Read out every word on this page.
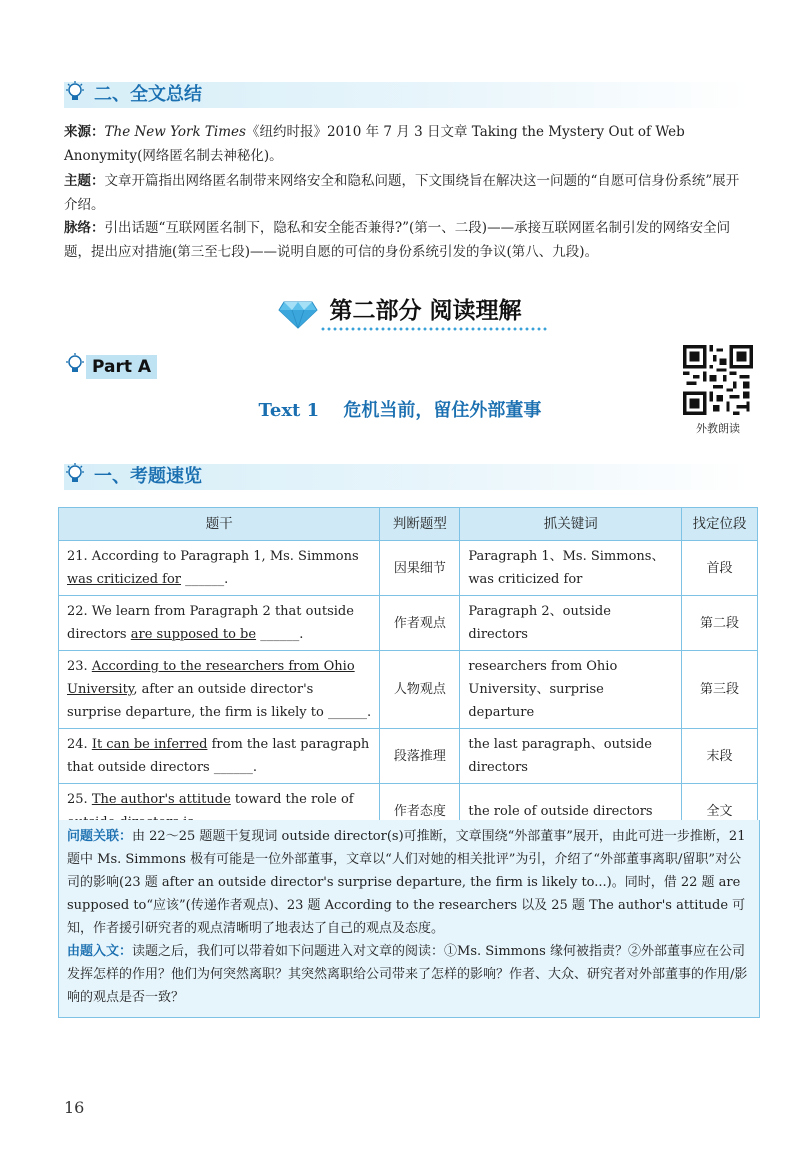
二、全文总结
来源：The New York Times《纽约时报》2010 年 7 月 3 日文章 Taking the Mystery Out of Web Anonymity(网络匿名制去神秘化)。
主题：文章开篇指出网络匿名制带来网络安全和隐私问题，下文围绕旨在解决这一问题的“自愿可信身份系统”展开介绍。
脉络：引出话题“互联网匿名制下，隐私和安全能否兼得?”(第一、二段)——承接互联网匿名制引发的网络安全问题，提出应对措施(第三至七段)——说明自愿的可信的身份系统引发的争议(第八、九段)。
第二部分 阅读理解
Part A
Text 1　 危机当前，留住外部董事
外教朗读
一、考题速览
题干	判断题型	抓关键词	找定位段
21. According to Paragraph 1, Ms. Simmons was criticized for ______.	因果细节	Paragraph 1、Ms. Simmons、was criticized for	首段
22. We learn from Paragraph 2 that outside directors are supposed to be ______.	作者观点	Paragraph 2、outside directors	第二段
23. According to the researchers from Ohio University, after an outside director's surprise departure, the firm is likely to ______.	人物观点	researchers from Ohio University、surprise departure	第三段
24. It can be inferred from the last paragraph that outside directors ______.	段落推理	the last paragraph、outside directors	末段
25. The author's attitude toward the role of	作者态度	the role of outside directors	全文
问题关联：由 22～25 题题干复现词 outside director(s)可推断，文章围绕“外部董事”展开，由此可进一步推断，21 题中 Ms. Simmons 极有可能是一位外部董事，文章以“人们对她的相关批评”为引，介绍了“外部董事离职/留职”对公司的影响(23 题 after an outside director's surprise departure, the firm is likely to...)。同时，借 22 题 are supposed to“应该”(传递作者观点)、23 题 According to the researchers 以及 25 题 The author's attitude 可知，作者援引研究者的观点清晰明了地表达了自己的观点及态度。
由题入文：读题之后，我们可以带着如下问题进入对文章的阅读：①Ms. Simmons 缘何被指责？②外部董事应在公司发挥怎样的作用？他们为何突然离职？其突然离职给公司带来了怎样的影响？作者、大众、研究者对外部董事的作用/影响的观点是否一致？
16
